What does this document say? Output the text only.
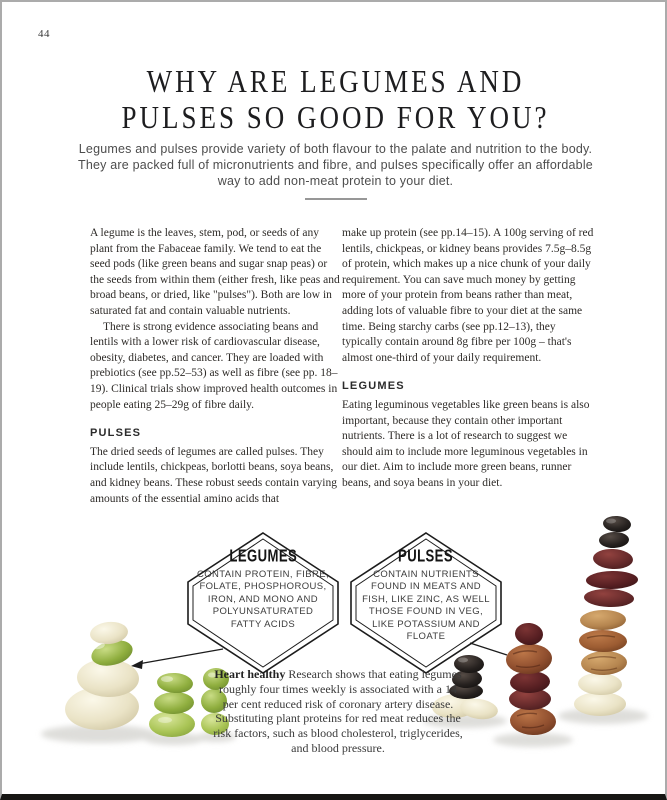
44
WHY ARE LEGUMES AND
PULSES SO GOOD FOR YOU?

Legumes and pulses provide variety of both flavour to the palate and nutrition to the body. They are packed full of micronutrients and fibre, and pulses specifically offer an affordable way to add non-meat protein to your diet.

A legume is the leaves, stem, pod, or seeds of any plant from the Fabaceae family. We tend to eat the seed pods (like green beans and sugar snap peas) or the seeds from within them (either fresh, like peas and broad beans, or dried, like "pulses"). Both are low in saturated fat and contain valuable nutrients.

There is strong evidence associating beans and lentils with a lower risk of cardiovascular disease, obesity, diabetes, and cancer. They are loaded with prebiotics (see pp.52–53) as well as fibre (see pp. 18–19). Clinical trials show improved health outcomes in people eating 25–29g of fibre daily.

PULSES

The dried seeds of legumes are called pulses. They include lentils, chickpeas, borlotti beans, soya beans, and kidney beans. These robust seeds contain varying amounts of the essential amino acids that

make up protein (see pp.14–15). A 100g serving of red lentils, chickpeas, or kidney beans provides 7.5g–8.5g of protein, which makes up a nice chunk of your daily requirement. You can save much money by getting more of your protein from beans rather than meat, adding lots of valuable fibre to your diet at the same time. Being starchy carbs (see pp.12–13), they typically contain around 8g fibre per 100g – that's almost one-third of your daily requirement.

LEGUMES

Eating leguminous vegetables like green beans is also important, because they contain other important nutrients. There is a lot of research to suggest we should aim to include more leguminous vegetables in our diet. Aim to include more green beans, runner beans, and soya beans in your diet.

LEGUMES
CONTAIN PROTEIN, FIBRE, FOLATE, PHOSPHOROUS, IRON, AND MONO AND POLYUNSATURATED FATTY ACIDS
PULSES
CONTAIN NUTRIENTS FOUND IN MEATS AND FISH, LIKE ZINC, AS WELL THOSE FOUND IN VEG, LIKE POTASSIUM AND FLOATE

Heart healthy Research shows that eating legumes roughly four times weekly is associated with a 14 per cent reduced risk of coronary artery disease. Substituting plant proteins for red meat reduces the risk factors, such as blood cholesterol, triglycerides, and blood pressure.
